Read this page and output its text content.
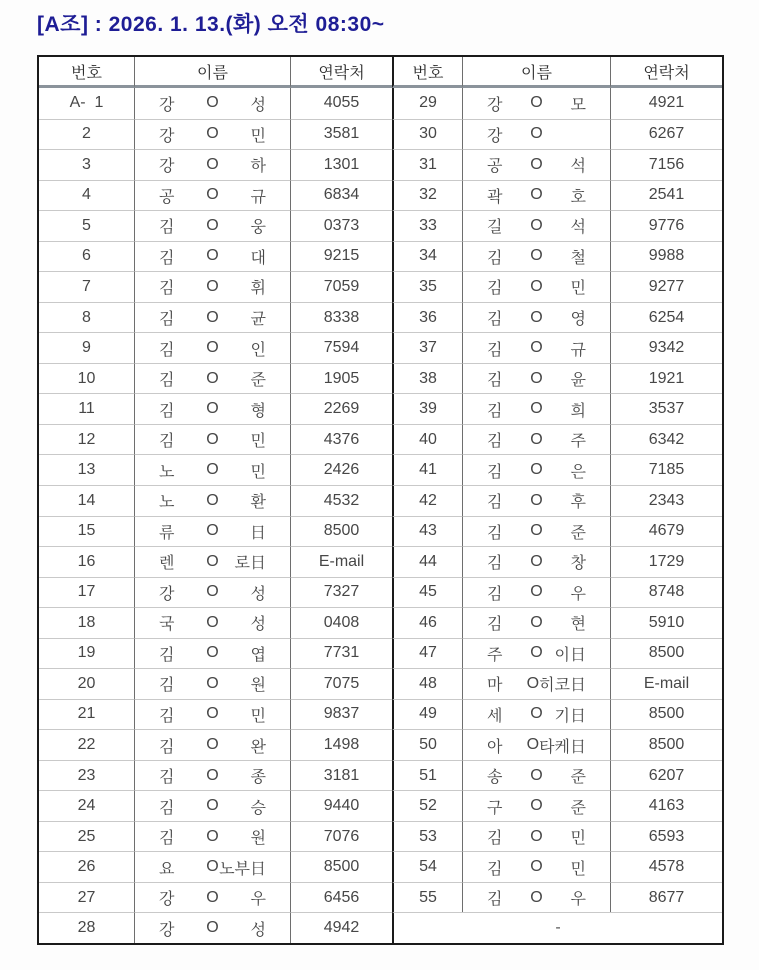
[A조] : 2026. 1. 13.(화) 오전 08:30~
번호	이름	연락처	번호	이름	연락처
A-  1	강 O 성	4055	29	강 O 모	4921
2	강 O 민	3581	30	강 O	6267
3	강 O 하	1301	31	공 O 석	7156
4	공 O 규	6834	32	곽 O 호	2541
5	김 O 웅	0373	33	길 O 석	9776
6	김 O 대	9215	34	김 O 철	9988
7	김 O 휘	7059	35	김 O 민	9277
8	김 O 균	8338	36	김 O 영	6254
9	김 O 인	7594	37	김 O 규	9342
10	김 O 준	1905	38	김 O 윤	1921
11	김 O 형	2269	39	김 O 희	3537
12	김 O 민	4376	40	김 O 주	6342
13	노 O 민	2426	41	김 O 은	7185
14	노 O 환	4532	42	김 O 후	2343
15	류 O 日	8500	43	김 O 준	4679
16	렌 O 로日	E-mail	44	김 O 창	1729
17	강 O 성	7327	45	김 O 우	8748
18	국 O 성	0408	46	김 O 현	5910
19	김 O 엽	7731	47	주 O 이日	8500
20	김 O 원	7075	48	마 O 히코日	E-mail
21	김 O 민	9837	49	세 O 기日	8500
22	김 O 완	1498	50	아 O 타케日	8500
23	김 O 종	3181	51	송 O 준	6207
24	김 O 승	9440	52	구 O 준	4163
25	김 O 원	7076	53	김 O 민	6593
26	요 O 노부日	8500	54	김 O 민	4578
27	강 O 우	6456	55	김 O 우	8677
28	강 O 성	4942	-
